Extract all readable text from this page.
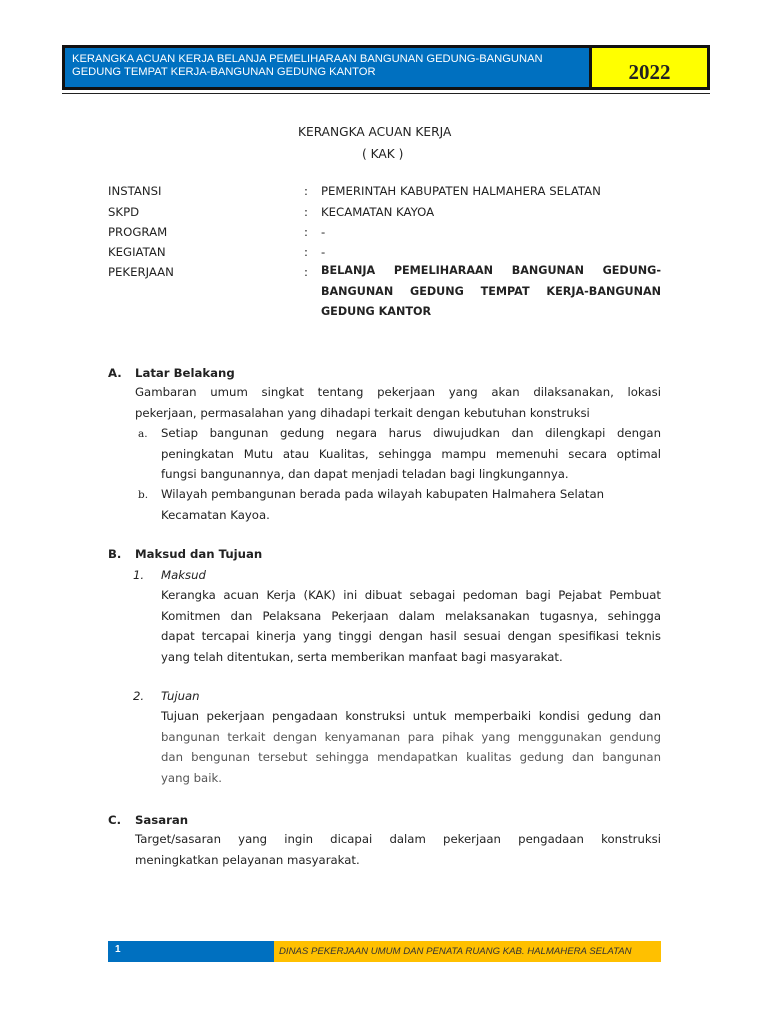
KERANGKA ACUAN KERJA BELANJA PEMELIHARAAN BANGUNAN GEDUNG-BANGUNAN
GEDUNG TEMPAT KERJA-BANGUNAN GEDUNG KANTOR	2022
KERANGKA ACUAN KERJA
( KAK )
INSTANSI	: PEMERINTAH KABUPATEN HALMAHERA SELATAN
SKPD	: KECAMATAN KAYOA
PROGRAM	: -
KEGIATAN	: -
PEKERJAAN	: BELANJA PEMELIHARAAN BANGUNAN GEDUNG-
BANGUNAN GEDUNG TEMPAT KERJA-BANGUNAN
GEDUNG KANTOR
A. Latar Belakang
Gambaran umum singkat tentang pekerjaan yang akan dilaksanakan, lokasi
pekerjaan, permasalahan yang dihadapi terkait dengan kebutuhan konstruksi
a. Setiap bangunan gedung negara harus diwujudkan dan dilengkapi dengan
peningkatan Mutu atau Kualitas, sehingga mampu memenuhi secara optimal
fungsi bangunannya, dan dapat menjadi teladan bagi lingkungannya.
b. Wilayah pembangunan berada pada wilayah kabupaten Halmahera Selatan
Kecamatan Kayoa.
B. Maksud dan Tujuan
1. Maksud
Kerangka acuan Kerja (KAK) ini dibuat sebagai pedoman bagi Pejabat Pembuat
Komitmen dan Pelaksana Pekerjaan dalam melaksanakan tugasnya, sehingga
dapat tercapai kinerja yang tinggi dengan hasil sesuai dengan spesifikasi teknis
yang telah ditentukan, serta memberikan manfaat bagi masyarakat.
2. Tujuan
Tujuan pekerjaan pengadaan konstruksi untuk memperbaiki kondisi gedung dan
bangunan terkait dengan kenyamanan para pihak yang menggunakan gendung
dan bengunan tersebut sehingga mendapatkan kualitas gedung dan bangunan
yang baik.
C. Sasaran
Target/sasaran yang ingin dicapai dalam pekerjaan pengadaan konstruksi
meningkatkan pelayanan masyarakat.
1	DINAS PEKERJAAN UMUM DAN PENATA RUANG KAB. HALMAHERA SELATAN
